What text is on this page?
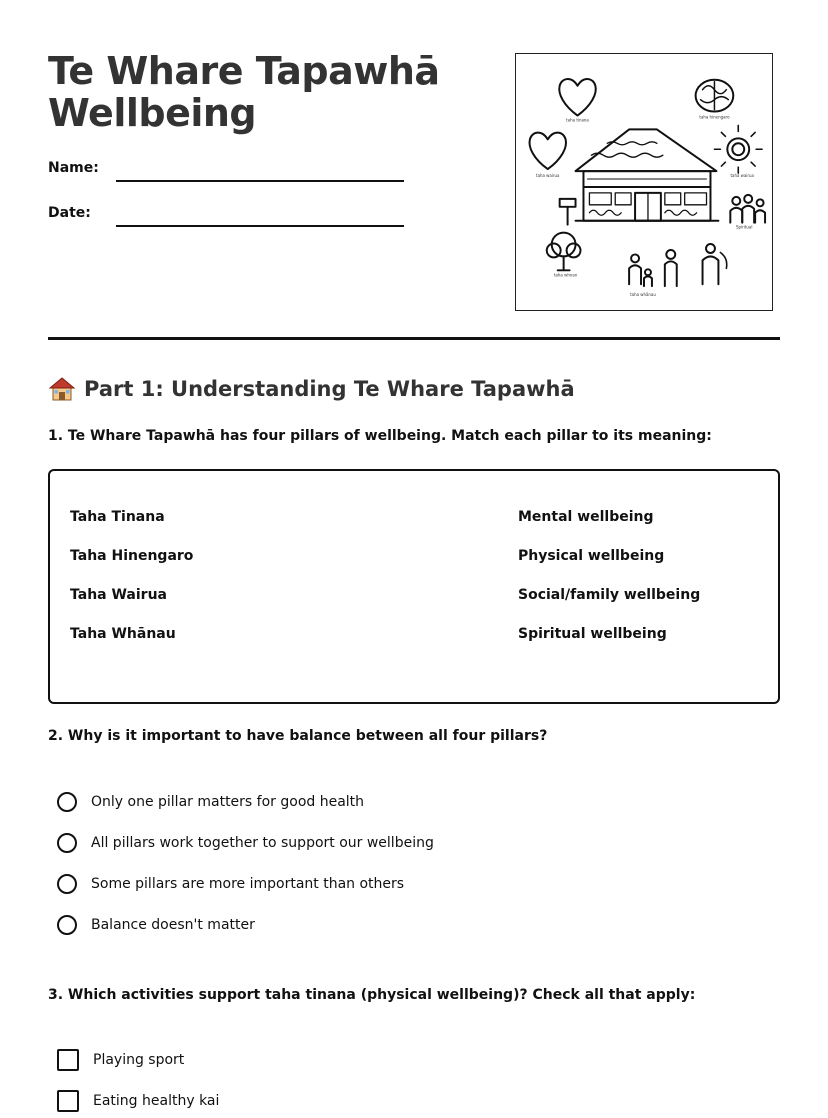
Te Whare Tapawhā
Wellbeing
Name:
Date:
taha tinana
taha hinengaro
taha wairua	taha wairua
Spiritual
taha whnan
taha whānau
Part 1: Understanding Te Whare Tapawhā
1. Te Whare Tapawhā has four pillars of wellbeing. Match each pillar to its meaning:
Taha Tinana
Taha Hinengaro
Taha Wairua
Taha Whānau
Mental wellbeing
Physical wellbeing
Social/family wellbeing
Spiritual wellbeing
2. Why is it important to have balance between all four pillars?
Only one pillar matters for good health
All pillars work together to support our wellbeing
Some pillars are more important than others
Balance doesn't matter
3. Which activities support taha tinana (physical wellbeing)? Check all that apply:
Playing sport
Eating healthy kai
